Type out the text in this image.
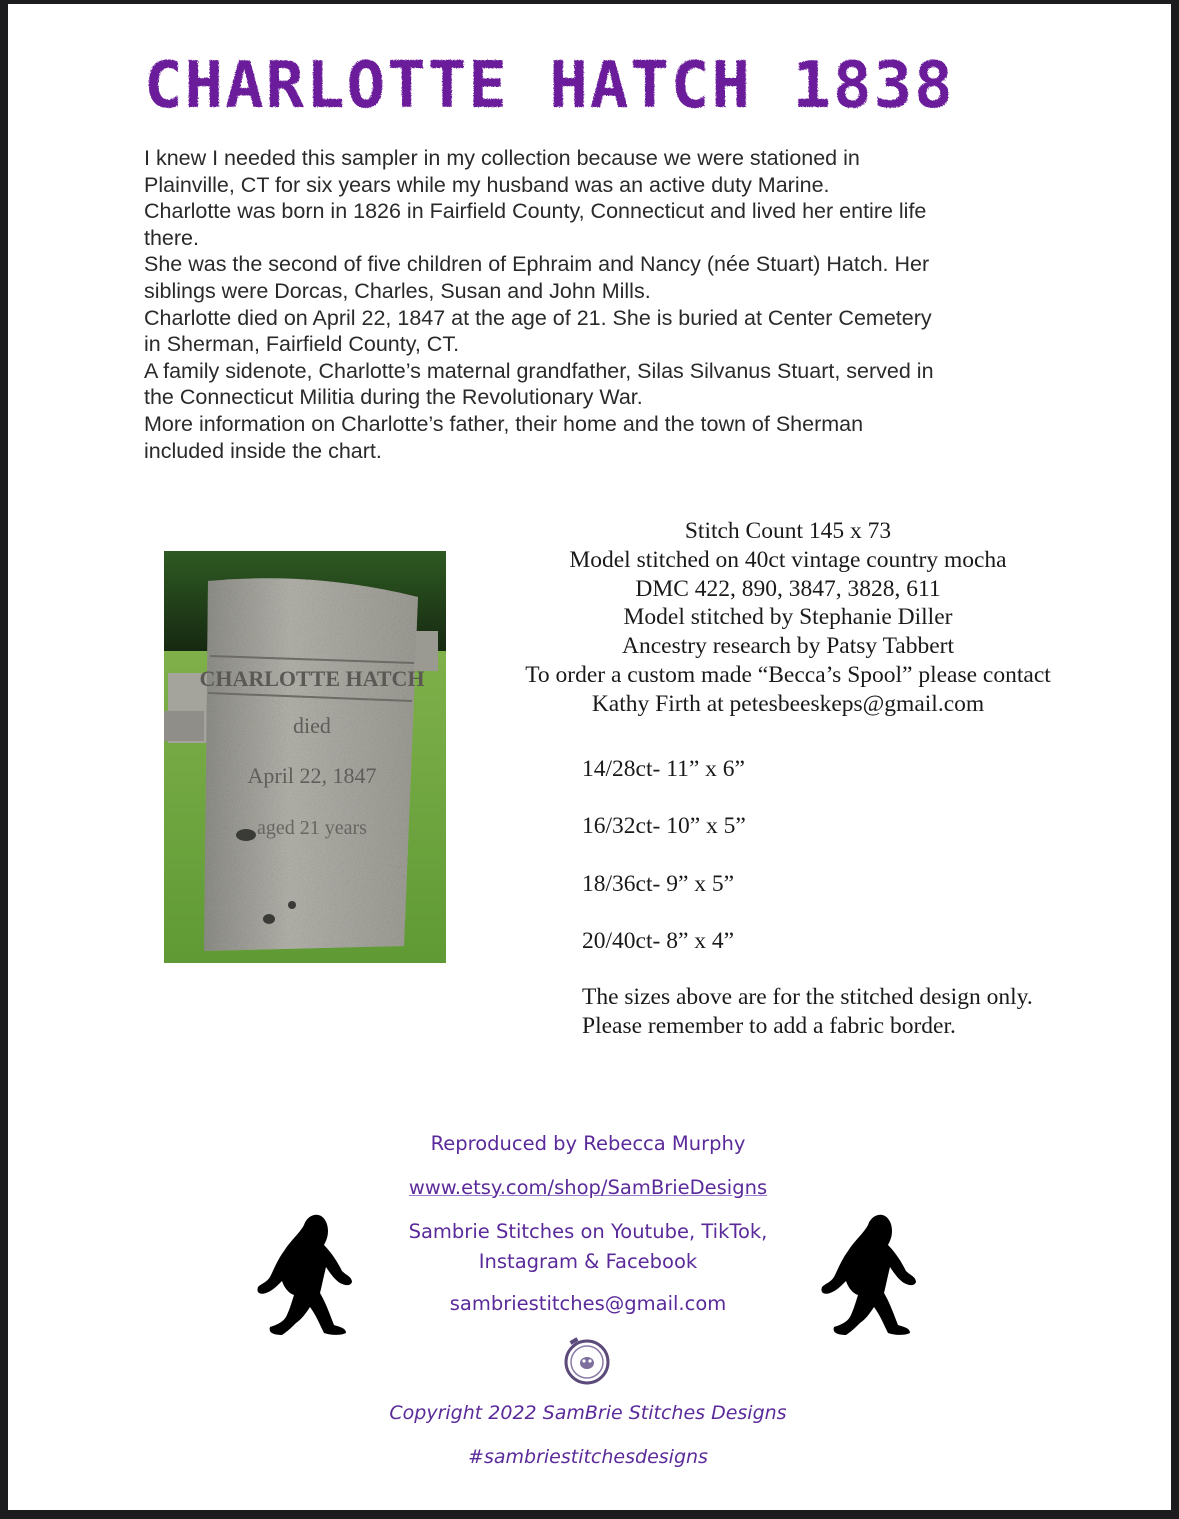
CHARLOTTE HATCH 1838

I knew I needed this sampler in my collection because we were stationed in

Plainville, CT for six years while my husband was an active duty Marine.

Charlotte was born in 1826 in Fairfield County, Connecticut and lived her entire life

there.

She was the second of five children of Ephraim and Nancy (née Stuart) Hatch. Her

siblings were Dorcas, Charles, Susan and John Mills.

Charlotte died on April 22, 1847 at the age of 21. She is buried at Center Cemetery

in Sherman, Fairfield County, CT.

A family sidenote, Charlotte’s maternal grandfather, Silas Silvanus Stuart, served in

the Connecticut Militia during the Revolutionary War.

More information on Charlotte’s father, their home and the town of Sherman

included inside the chart.

CHARLOTTE HATCH
died
April 22, 1847
aged 21 years

Stitch Count 145 x 73

Model stitched on 40ct vintage country mocha

DMC 422, 890, 3847, 3828, 611

Model stitched by Stephanie Diller

Ancestry research by Patsy Tabbert

To order a custom made “Becca’s Spool” please contact

Kathy Firth at petesbeeskeps@gmail.com

14/28ct- 11” x 6”

16/32ct- 10” x 5”

18/36ct- 9” x 5”

20/40ct- 8” x 4”

The sizes above are for the stitched design only.

Please remember to add a fabric border.

Reproduced by Rebecca Murphy
www.etsy.com/shop/SamBrieDesigns
Sambrie Stitches on Youtube, TikTok,
Instagram & Facebook
sambriestitches@gmail.com
Copyright 2022 SamBrie Stitches Designs
#sambriestitchesdesigns
